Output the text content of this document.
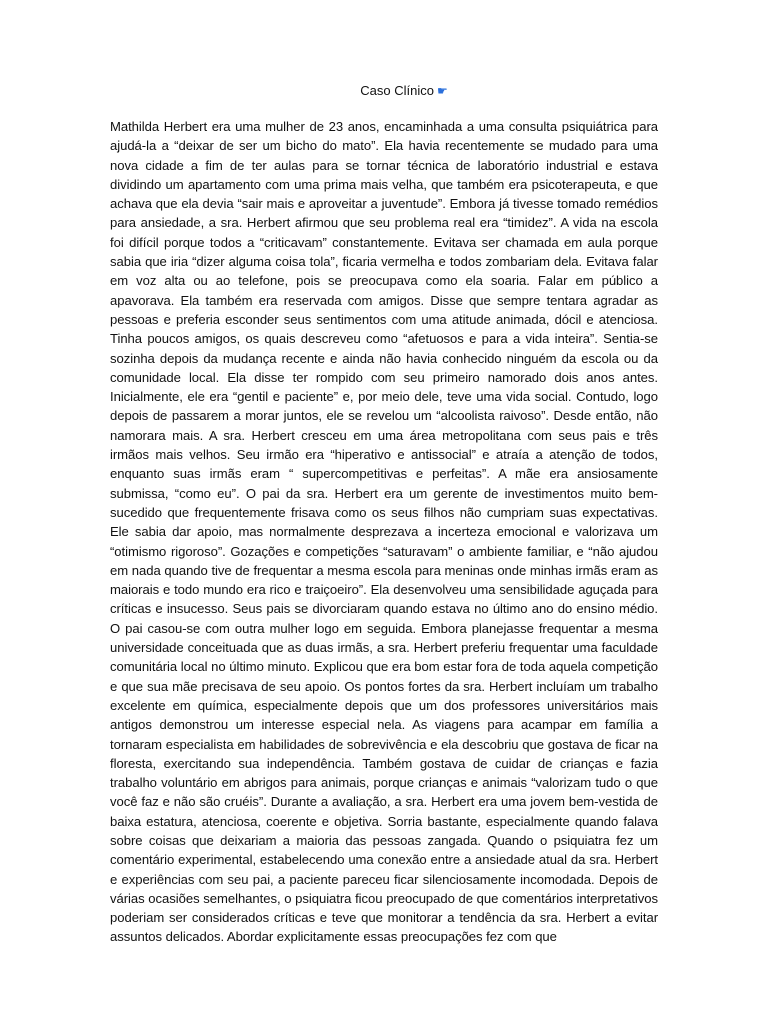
Caso Clínico ☛

Mathilda Herbert era uma mulher de 23 anos, encaminhada a uma consulta psiquiátrica para ajudá-la a “deixar de ser um bicho do mato”. Ela havia recentemente se mudado para uma nova cidade a fim de ter aulas para se tornar técnica de laboratório industrial e estava dividindo um apartamento com uma prima mais velha, que também era psicoterapeuta, e que achava que ela devia “sair mais e aproveitar a juventude”. Embora já tivesse tomado remédios para ansiedade, a sra. Herbert afirmou que seu problema real era “timidez”. A vida na escola foi difícil porque todos a “criticavam” constantemente. Evitava ser chamada em aula porque sabia que iria “dizer alguma coisa tola”, ficaria vermelha e todos zombariam dela. Evitava falar em voz alta ou ao telefone, pois se preocupava como ela soaria. Falar em público a apavorava. Ela também era reservada com amigos. Disse que sempre tentara agradar as pessoas e preferia esconder seus sentimentos com uma atitude animada, dócil e atenciosa. Tinha poucos amigos, os quais descreveu como “afetuosos e para a vida inteira”. Sentia-se sozinha depois da mudança recente e ainda não havia conhecido ninguém da escola ou da comunidade local. Ela disse ter rompido com seu primeiro namorado dois anos antes. Inicialmente, ele era “gentil e paciente” e, por meio dele, teve uma vida social. Contudo, logo depois de passarem a morar juntos, ele se revelou um “alcoolista raivoso”. Desde então, não namorara mais. A sra. Herbert cresceu em uma área metropolitana com seus pais e três irmãos mais velhos. Seu irmão era “hiperativo e antissocial” e atraía a atenção de todos, enquanto suas irmãs eram “ supercompetitivas e perfeitas”. A mãe era ansiosamente submissa, “como eu”. O pai da sra. Herbert era um gerente de investimentos muito bem-sucedido que frequentemente frisava como os seus filhos não cumpriam suas expectativas. Ele sabia dar apoio, mas normalmente desprezava a incerteza emocional e valorizava um “otimismo rigoroso”. Gozações e competições “saturavam” o ambiente familiar, e “não ajudou em nada quando tive de frequentar a mesma escola para meninas onde minhas irmãs eram as maiorais e todo mundo era rico e traiçoeiro”. Ela desenvolveu uma sensibilidade aguçada para críticas e insucesso. Seus pais se divorciaram quando estava no último ano do ensino médio. O pai casou-se com outra mulher logo em seguida. Embora planejasse frequentar a mesma universidade conceituada que as duas irmãs, a sra. Herbert preferiu frequentar uma faculdade comunitária local no último minuto. Explicou que era bom estar fora de toda aquela competição e que sua mãe precisava de seu apoio. Os pontos fortes da sra. Herbert incluíam um trabalho excelente em química, especialmente depois que um dos professores universitários mais antigos demonstrou um interesse especial nela. As viagens para acampar em família a tornaram especialista em habilidades de sobrevivência e ela descobriu que gostava de ficar na floresta, exercitando sua independência. Também gostava de cuidar de crianças e fazia trabalho voluntário em abrigos para animais, porque crianças e animais “valorizam tudo o que você faz e não são cruéis”. Durante a avaliação, a sra. Herbert era uma jovem bem-vestida de baixa estatura, atenciosa, coerente e objetiva. Sorria bastante, especialmente quando falava sobre coisas que deixariam a maioria das pessoas zangada. Quando o psiquiatra fez um comentário experimental, estabelecendo uma conexão entre a ansiedade atual da sra. Herbert e experiências com seu pai, a paciente pareceu ficar silenciosamente incomodada. Depois de várias ocasiões semelhantes, o psiquiatra ficou preocupado de que comentários interpretativos poderiam ser considerados críticas e teve que monitorar a tendência da sra. Herbert a evitar assuntos delicados. Abordar explicitamente essas preocupações fez com que
